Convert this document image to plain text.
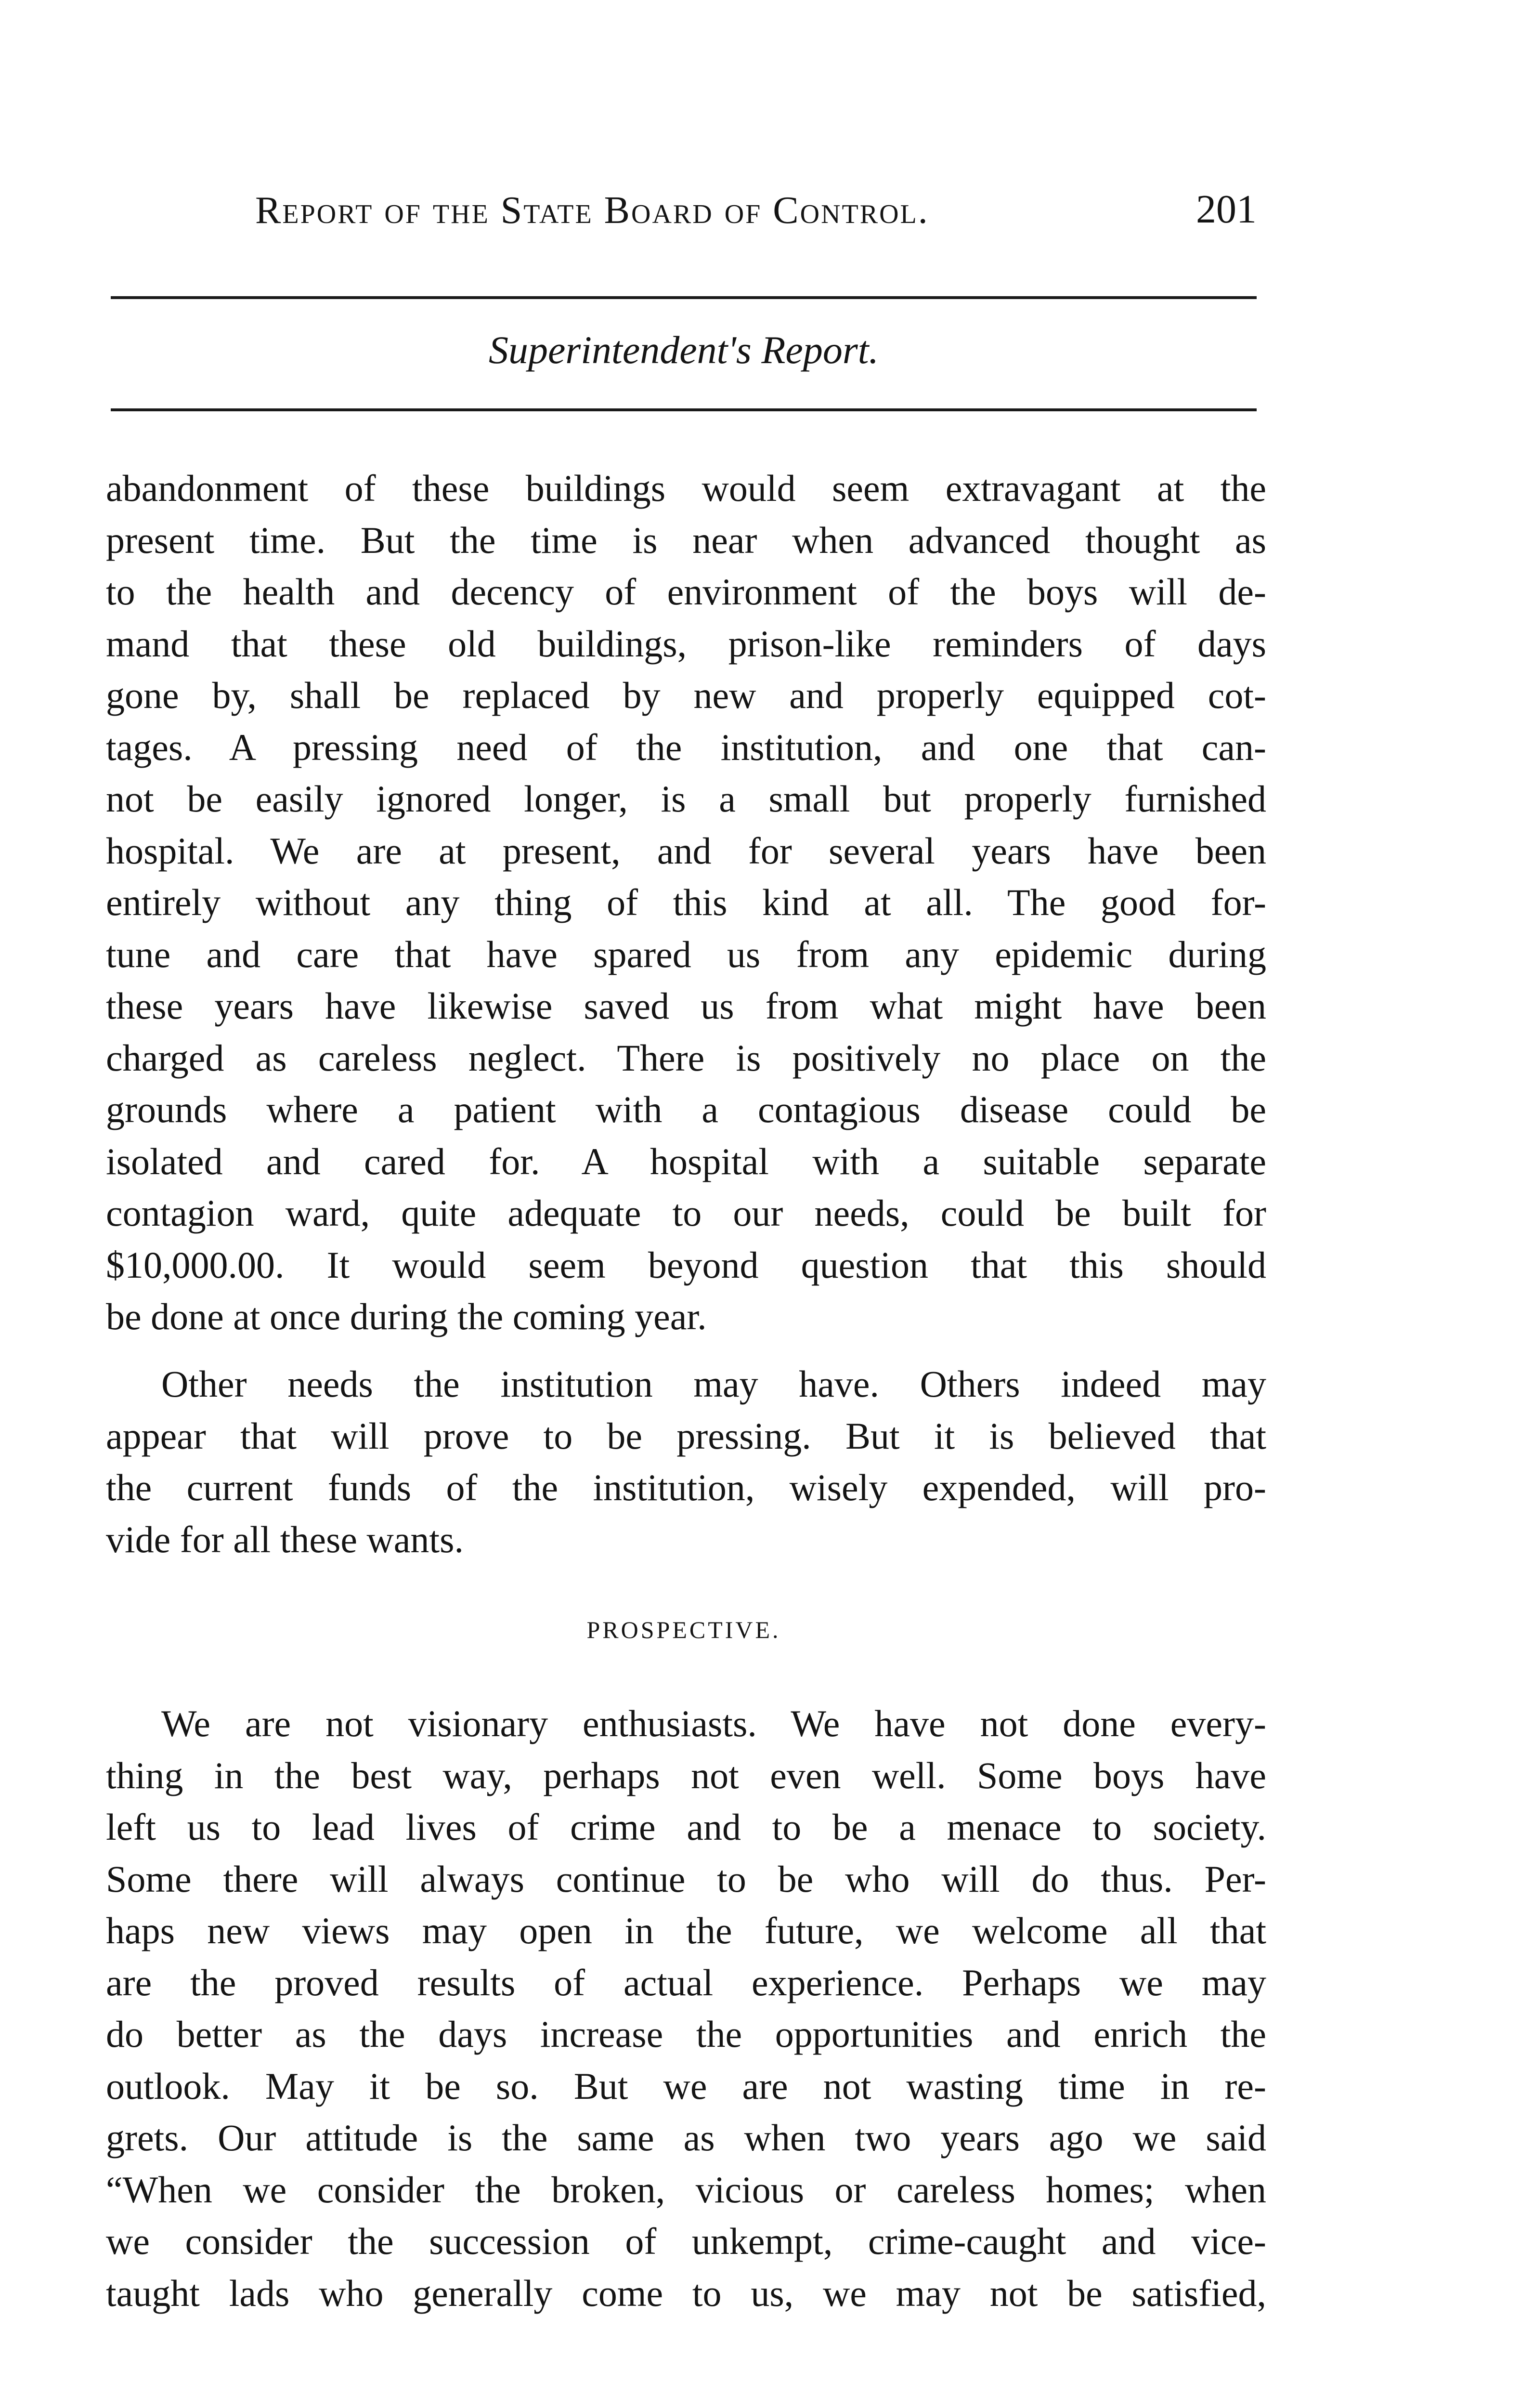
Report of the State Board of Control.	201
Superintendent's Report.

abandonment of these buildings would seem extravagant at the
present time. But the time is near when advanced thought as
to the health and decency of environment of the boys will de-
mand that these old buildings, prison-like reminders of days
gone by, shall be replaced by new and properly equipped cot-
tages. A pressing need of the institution, and one that can-
not be easily ignored longer, is a small but properly furnished
hospital. We are at present, and for several years have been
entirely without any thing of this kind at all. The good for-
tune and care that have spared us from any epidemic during
these years have likewise saved us from what might have been
charged as careless neglect. There is positively no place on the
grounds where a patient with a contagious disease could be
isolated and cared for. A hospital with a suitable separate
contagion ward, quite adequate to our needs, could be built for
$10,000.00. It would seem beyond question that this should
be done at once during the coming year.

Other needs the institution may have. Others indeed may
appear that will prove to be pressing. But it is believed that
the current funds of the institution, wisely expended, will pro-
vide for all these wants.

PROSPECTIVE.

We are not visionary enthusiasts. We have not done every-
thing in the best way, perhaps not even well. Some boys have
left us to lead lives of crime and to be a menace to society.
Some there will always continue to be who will do thus. Per-
haps new views may open in the future, we welcome all that
are the proved results of actual experience. Perhaps we may
do better as the days increase the opportunities and enrich the
outlook. May it be so. But we are not wasting time in re-
grets. Our attitude is the same as when two years ago we said
“When we consider the broken, vicious or careless homes; when
we consider the succession of unkempt, crime-caught and vice-
taught lads who generally come to us, we may not be satisfied,
